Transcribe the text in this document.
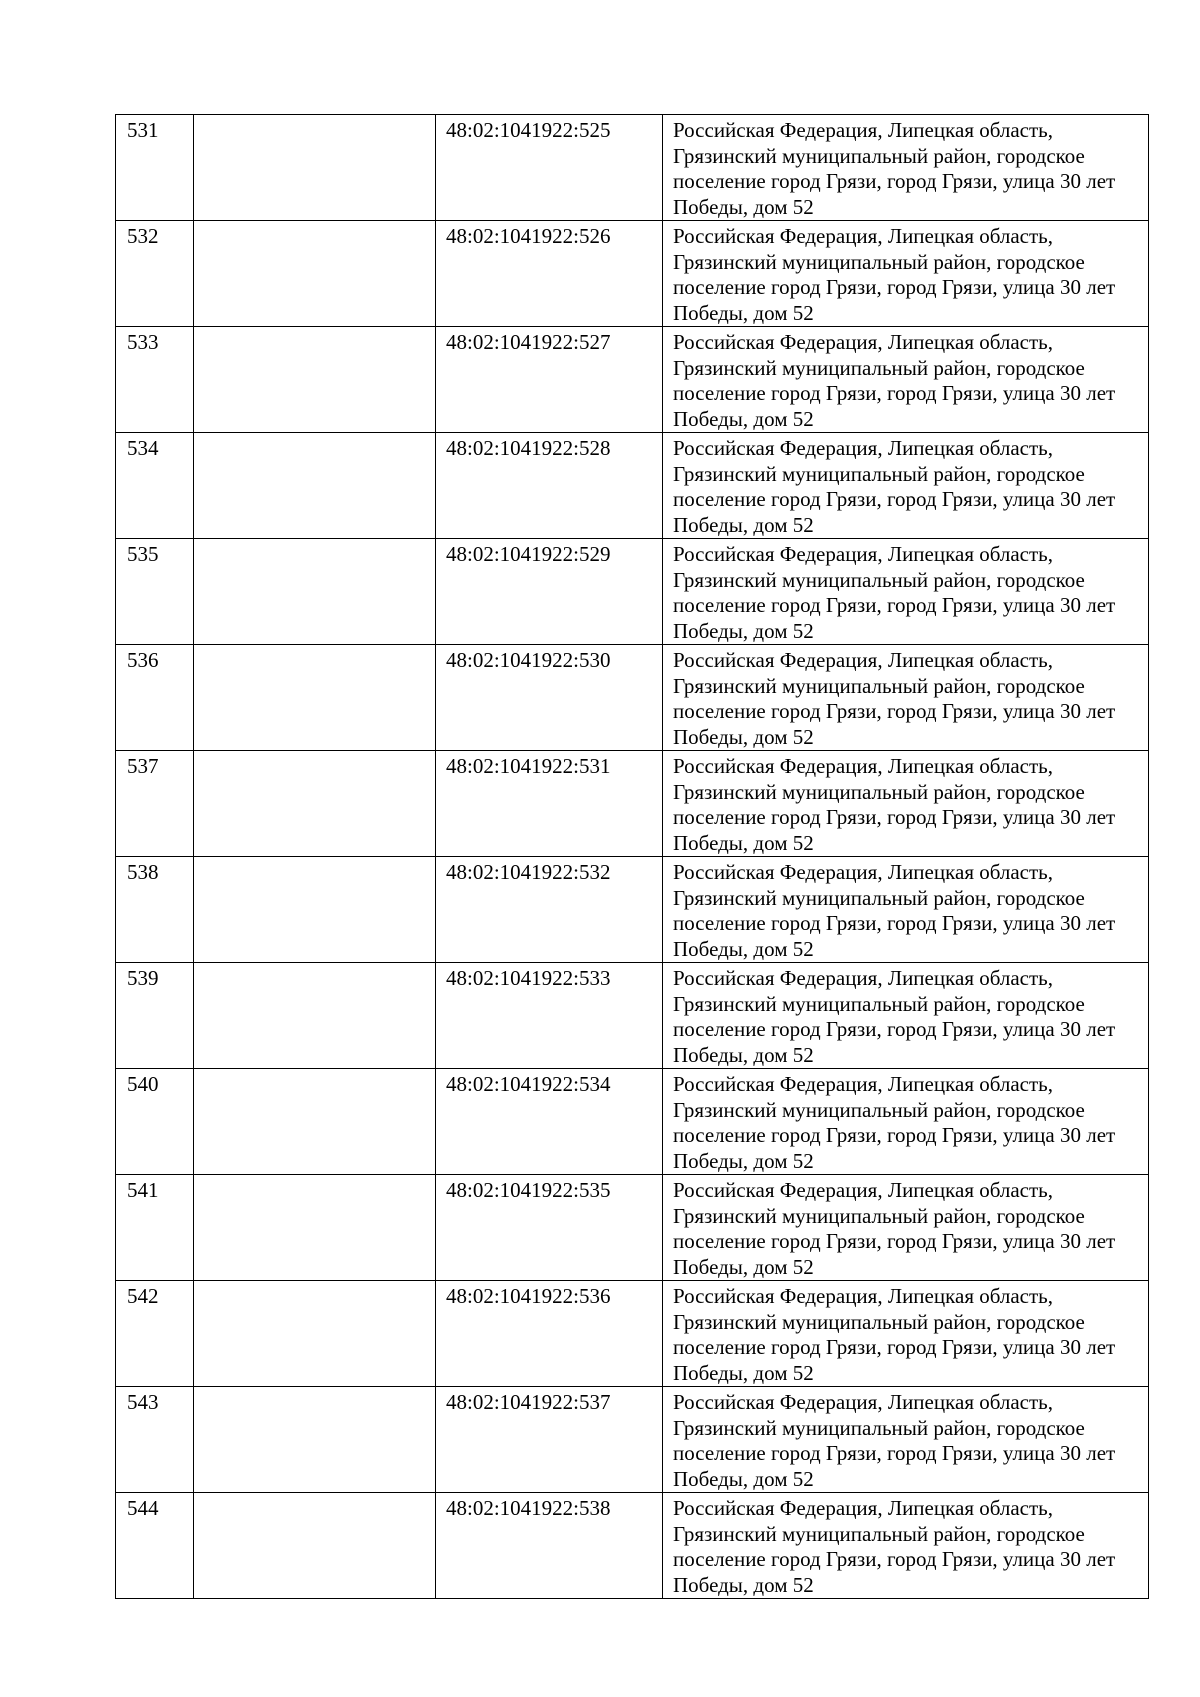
531		48:02:1041922:525	Российская Федерация, Липецкая область, Грязинский муниципальный район, городское поселение город Грязи, город Грязи, улица 30 лет Победы, дом 52
532		48:02:1041922:526	Российская Федерация, Липецкая область, Грязинский муниципальный район, городское поселение город Грязи, город Грязи, улица 30 лет Победы, дом 52
533		48:02:1041922:527	Российская Федерация, Липецкая область, Грязинский муниципальный район, городское поселение город Грязи, город Грязи, улица 30 лет Победы, дом 52
534		48:02:1041922:528	Российская Федерация, Липецкая область, Грязинский муниципальный район, городское поселение город Грязи, город Грязи, улица 30 лет Победы, дом 52
535		48:02:1041922:529	Российская Федерация, Липецкая область, Грязинский муниципальный район, городское поселение город Грязи, город Грязи, улица 30 лет Победы, дом 52
536		48:02:1041922:530	Российская Федерация, Липецкая область, Грязинский муниципальный район, городское поселение город Грязи, город Грязи, улица 30 лет Победы, дом 52
537		48:02:1041922:531	Российская Федерация, Липецкая область, Грязинский муниципальный район, городское поселение город Грязи, город Грязи, улица 30 лет Победы, дом 52
538		48:02:1041922:532	Российская Федерация, Липецкая область, Грязинский муниципальный район, городское поселение город Грязи, город Грязи, улица 30 лет Победы, дом 52
539		48:02:1041922:533	Российская Федерация, Липецкая область, Грязинский муниципальный район, городское поселение город Грязи, город Грязи, улица 30 лет Победы, дом 52
540		48:02:1041922:534	Российская Федерация, Липецкая область, Грязинский муниципальный район, городское поселение город Грязи, город Грязи, улица 30 лет Победы, дом 52
541		48:02:1041922:535	Российская Федерация, Липецкая область, Грязинский муниципальный район, городское поселение город Грязи, город Грязи, улица 30 лет Победы, дом 52
542		48:02:1041922:536	Российская Федерация, Липецкая область, Грязинский муниципальный район, городское поселение город Грязи, город Грязи, улица 30 лет Победы, дом 52
543		48:02:1041922:537	Российская Федерация, Липецкая область, Грязинский муниципальный район, городское поселение город Грязи, город Грязи, улица 30 лет Победы, дом 52
544		48:02:1041922:538	Российская Федерация, Липецкая область, Грязинский муниципальный район, городское поселение город Грязи, город Грязи, улица 30 лет Победы, дом 52
